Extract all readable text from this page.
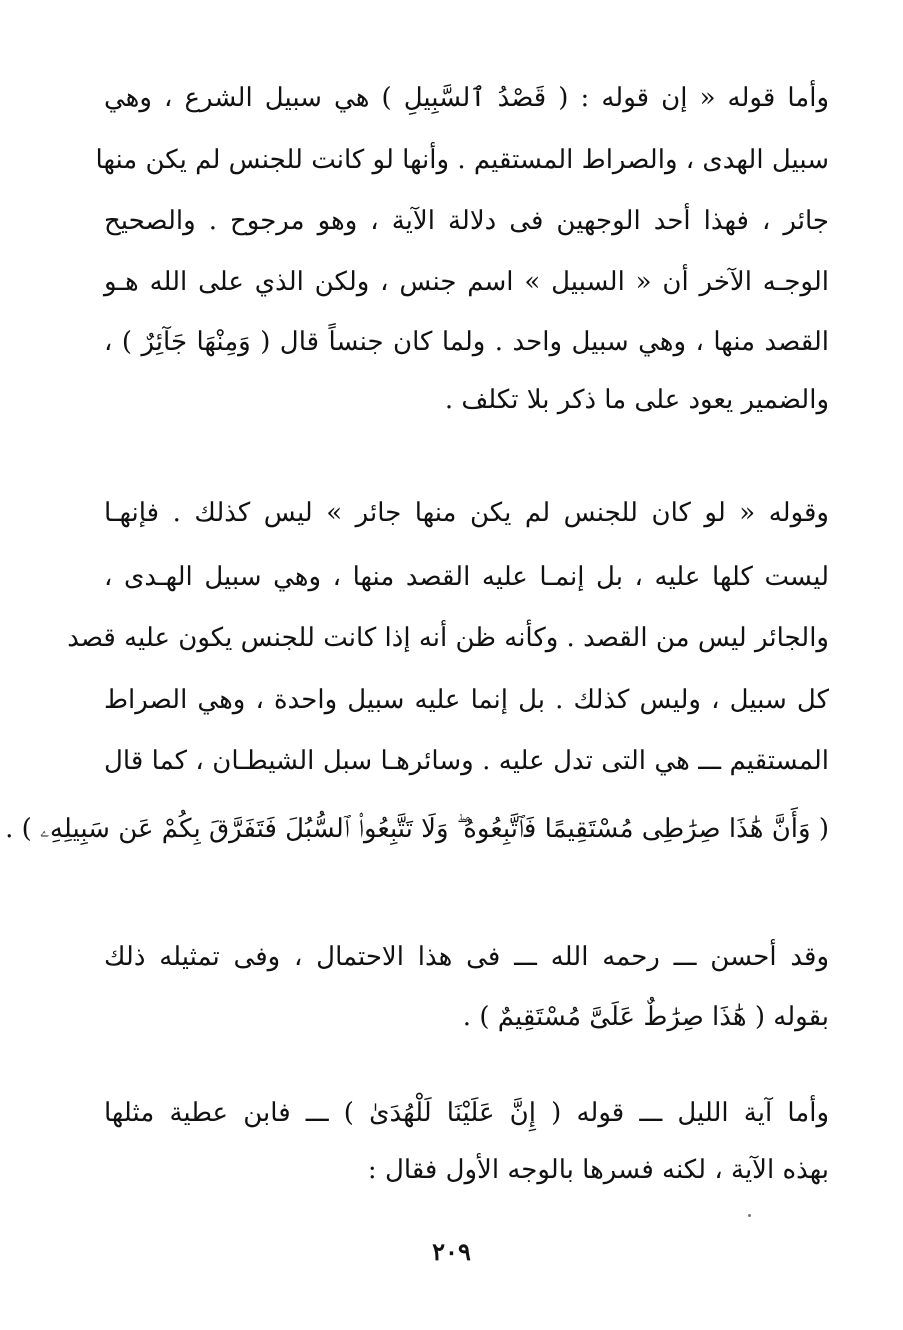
وأما قوله « إن قوله : ( قَصْدُ ٱلسَّبِيلِ ) هي سبيل الشرع ، وهي
سبيل الهدى ، والصراط المستقيم . وأنها لو كانت للجنس لم يكن منها
جائر ، فهذا أحد الوجهين فى دلالة الآية ، وهو مرجوح . والصحيح
الوجـه الآخر أن « السبيل » اسم جنس ، ولكن الذي على الله هـو
القصد منها ، وهي سبيل واحد . ولما كان جنساً قال ( وَمِنْهَا جَآئِرٌ ) ،
والضمير يعود على ما ذكر بلا تكلف .
وقوله « لو كان للجنس لم يكن منها جائر » ليس كذلك . فإنهـا
ليست كلها عليه ، بل إنمـا عليه القصد منها ، وهي سبيل الهـدى ،
والجائر ليس من القصد . وكأنه ظن أنه إذا كانت للجنس يكون عليه قصد
كل سبيل ، وليس كذلك . بل إنما عليه سبيل واحدة ، وهي الصراط
المستقيم ـــ هي التى تدل عليه . وسائرهـا سبل الشيطـان ، كما قال
( وَأَنَّ هَٰذَا صِرَٰطِى مُسْتَقِيمًا فَٱتَّبِعُوهُ ۖ وَلَا تَتَّبِعُوا۟ ٱلسُّبُلَ فَتَفَرَّقَ بِكُمْ عَن سَبِيلِهِۦ ) .
وقد أحسن ـــ رحمه الله ـــ فى هذا الاحتمال ، وفى تمثيله ذلك
بقوله ( هَٰذَا صِرَٰطٌ عَلَىَّ مُسْتَقِيمٌ ) .
وأما آية الليل ـــ قوله ( إِنَّ عَلَيْنَا لَلْهُدَىٰ ) ـــ فابن عطية مثلها
بهذه الآية ، لكنه فسرها بالوجه الأول فقال :
٢٠٩
